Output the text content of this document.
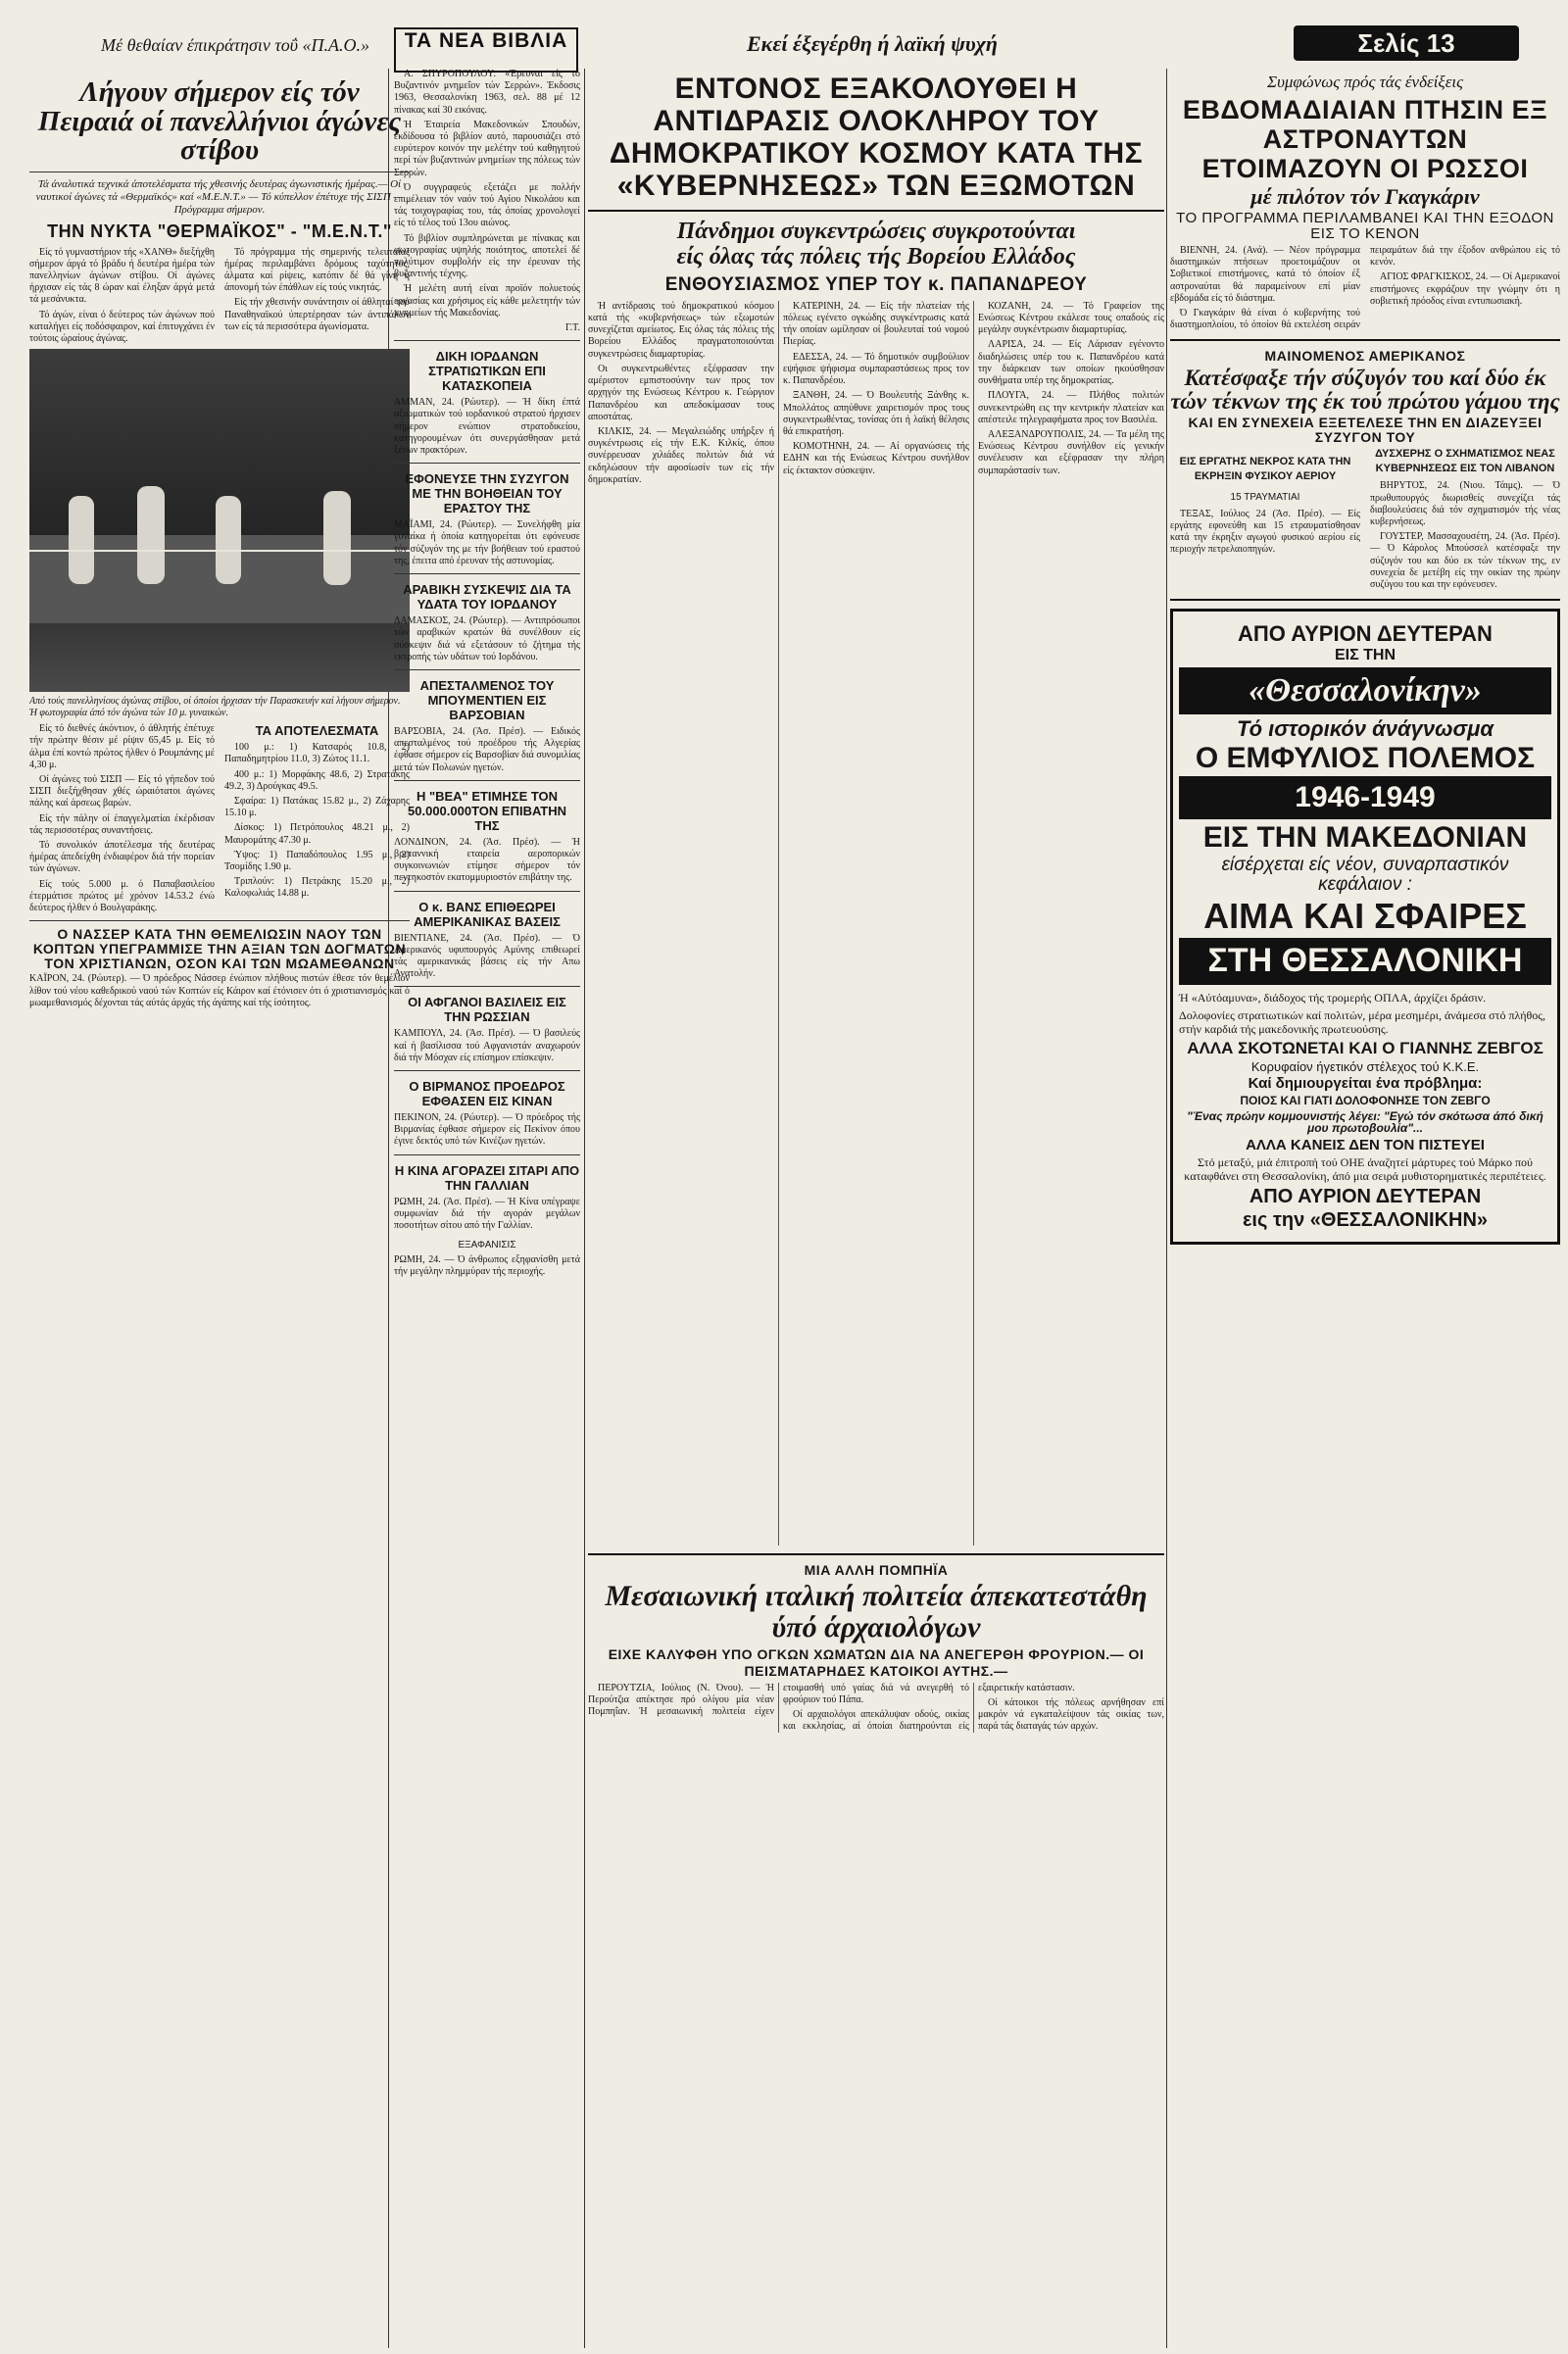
Μέ θεθαίαν έπικράτησιν τοΰ «Π.Α.Ο.»	ΤΑ ΝΕΑ ΒΙΒΛΙΑ	Εκεί έξεγέρθη ή λαϊκή ψυχή	Σελίς 13
Λήγουν σήμερον είς τόν Πειραιά οί πανελλήνιοι άγώνες στίβου
Τά άναλυτικά τεχνικά άποτελέσματα τής χθεσινής δευτέρας άγωνιστικής ήμέρας.— Οί ναυτικοί άγώνες τά «Θερμαϊκός» καί «Μ.Ε.Ν.Τ.» — Τό κύπελλον έπέτυχε τής ΣΙΣΠ — Πρόγραμμα σήμερον.
ΤΗΝ ΝΥΚΤΑ "ΘΕΡΜΑΪΚΟΣ" - "Μ.Ε.Ν.Τ."

Είς τό γυμναστήριον τής «ΧΑΝΘ» διεξήχθη σήμερον άργά τό βράδυ ή δευτέρα ήμέρα τών πανελληνίων άγώνων στίβου. Οί άγώνες ήρχισαν είς τάς 8 ώραν καί έληξαν άργά μετά τά μεσάνυκτα.

Τό άγών, είναι ό δεύτερος τών άγώνων πού καταλήγει είς ποδόσφαιρον, καί έπιτυγχάνει έν τούτοις ώραίους άγώνας.

Τό πρόγραμμα τής σημερινής τελευταίας ήμέρας περιλαμβάνει δρόμους ταχύτητος, άλματα καί ρίψεις, κατόπιν δέ θά γίνη ή άπονομή τών έπάθλων είς τούς νικητάς.

Είς τήν χθεσινήν συνάντησιν οί άθληταί τού Παναθηναϊκού ύπερτέρησαν τών άντιπάλων των είς τά περισσότερα άγωνίσματα.

Από τούς πανελληνίους άγώνας στίβου, οί όποίοι ήρχισαν τήν Παρασκευήν καί λήγουν σήμερον. Ή φωτογραφία άπό τόν άγώνα τών 10 μ. γυναικών.

Είς τό διεθνές άκόντιον, ό άθλητής έπέτυχε τήν πρώτην θέσιν μέ ρίψιν 65,45 μ. Είς τό άλμα έπί κοντώ πρώτος ήλθεν ό Ρουμπάνης μέ 4,30 μ.

Οί άγώνες τού ΣΙΣΠ — Είς τό γήπεδον τού ΣΙΣΠ διεξήχθησαν χθές ώραιότατοι άγώνες πάλης καί άρσεως βαρών.

Είς τήν πάλην οί έπαγγελματίαι έκέρδισαν τάς περισσοτέρας συναντήσεις.

Τό συνολικόν άποτέλεσμα τής δευτέρας ήμέρας άπεδείχθη ένδιαφέρον διά τήν πορείαν τών άγώνων.

Είς τούς 5.000 μ. ό Παπαβασιλείου έτερμάτισε πρώτος μέ χρόνον 14.53.2 ένώ δεύτερος ήλθεν ό Βουλγαράκης.

ΤΑ ΑΠΟΤΕΛΕΣΜΑΤΑ

100 μ.: 1) Κατσαρός 10.8, 2) Παπαδημητρίου 11.0, 3) Ζώτος 11.1.

400 μ.: 1) Μορφάκης 48.6, 2) Στρατάκης 49.2, 3) Δρούγκας 49.5.

Σφαίρα: 1) Πατάκας 15.82 μ., 2) Ζάχαρης 15.10 μ.

Δίσκος: 1) Πετρόπουλος 48.21 μ., 2) Μαυρομάτης 47.30 μ.

Ύψος: 1) Παπαδόπουλος 1.95 μ., 2) Τσομίδης 1.90 μ.

Τριπλούν: 1) Πετράκης 15.20 μ., 2) Καλοφωλιάς 14.88 μ.

Ο ΝΑΣΣΕΡ ΚΑΤΑ ΤΗΝ ΘΕΜΕΛΙΩΣΙΝ ΝΑΟΥ ΤΩΝ ΚΟΠΤΩΝ ΥΠΕΓΡΑΜΜΙΣΕ ΤΗΝ ΑΞΙΑΝ ΤΩΝ ΔΟΓΜΑΤΩΝ ΤΟΝ ΧΡΙΣΤΙΑΝΩΝ, ΟΣΟΝ ΚΑΙ ΤΩΝ ΜΩΑΜΕΘΑΝΩΝ
ΚΑΪΡΟΝ, 24. (Ρώυτερ). — Ό πρόεδρος Νάσσερ ένώπιον πλήθους πιστών έθεσε τόν θεμέλιον λίθον τού νέου καθεδρικού ναού τών Κοπτών είς Κάιρον καί έτόνισεν ότι ό χριστιανισμός καί ό μωαμεθανισμός δέχονται τάς αύτάς άρχάς τής άγάπης καί τής ίσότητος.

Α. ΣΠΥΡΟΠΟΥΛΟΥ: «Έρευναι είς τό Βυζαντινόν μνημεΐον τών Σερρών». Έκδοσις 1963, Θεσσαλονίκη 1963, σελ. 88 μέ 12 πίνακας καί 30 εικόνας.

Ή Έταιρεία Μακεδονικών Σπουδών, εκδίδουσα τό βιβλίον αυτό, παρουσιάζει στό ευρύτερον κοινόν την μελέτην τού καθηγητού περί τών βυζαντινών μνημείων της πόλεως τών Σερρών.

Ό συγγραφεύς εξετάζει με πολλήν επιμέλειαν τόν ναόν τού Αγίου Νικολάου και τάς τοιχογραφίας του, τάς όποίας χρονολογεί είς τό τέλος τού 13ου αιώνος.

Τό βιβλίον συμπληρώνεται με πίνακας και φωτογραφίας υψηλής ποιότητος, αποτελεί δέ πολύτιμον συμβολήν είς την έρευναν τής βυζαντινής τέχνης.

Ή μελέτη αυτή είναι προϊόν πολυετούς εργασίας και χρήσιμος είς κάθε μελετητήν τών μνημείων τής Μακεδονίας.

Γ.Τ.
ΔΙΚΗ ΙΟΡΔΑΝΩΝ ΣΤΡΑΤΙΩΤΙΚΩΝ ΕΠΙ ΚΑΤΑΣΚΟΠΕΙΑ
ΑΜΜΑΝ, 24. (Ρώυτερ). — Ή δίκη έπτά αξιωματικών τού ιορδανικού στρατού ήρχισεν σήμερον ενώπιον στρατοδικείου, κατηγορουμένων ότι συνεργάσθησαν μετά ξένων πρακτόρων.
ΕΦΟΝΕΥΣΕ ΤΗΝ ΣΥΖΥΓΟΝ ΜΕ ΤΗΝ ΒΟΗΘΕΙΑΝ ΤΟΥ ΕΡΑΣΤΟΥ ΤΗΣ
ΜΑΪΑΜΙ, 24. (Ρώυτερ). — Συνελήφθη μία γυναίκα ή όποία κατηγορείται ότι εφόνευσε τόν σύζυγόν της με τήν βοήθειαν τού εραστού της, έπειτα από έρευναν τής αστυνομίας.
ΑΡΑΒΙΚΗ ΣΥΣΚΕΨΙΣ ΔΙΑ ΤΑ ΥΔΑΤΑ ΤΟΥ ΙΟΡΔΑΝΟΥ
ΔΑΜΑΣΚΟΣ, 24. (Ρώυτερ). — Αντιπρόσωποι τών αραβικών κρατών θά συνέλθουν είς σύσκεψιν διά νά εξετάσουν τό ζήτημα τής εκτροπής τών υδάτων τού Ιορδάνου.
ΑΠΕΣΤΑΛΜΕΝΟΣ ΤΟΥ ΜΠΟΥΜΕΝΤΙΕΝ ΕΙΣ ΒΑΡΣΟΒΙΑΝ
ΒΑΡΣΟΒΙΑ, 24. (Άσ. Πρέσ). — Ειδικός απεσταλμένος τού προέδρου τής Αλγερίας έφθασε σήμερον είς Βαρσοβίαν διά συνομιλίας μετά τών Πολωνών ηγετών.
Η "ΒΕΑ" ΕΤΙΜΗΣΕ ΤΟΝ 50.000.000ΤΟΝ ΕΠΙΒΑΤΗΝ ΤΗΣ
ΛΟΝΔΙΝΟΝ, 24. (Άσ. Πρέσ). — Ή βρεταννική εταιρεία αεροπορικών συγκοινωνιών ετίμησε σήμερον τόν πεντηκοστόν εκατομμυριοστόν επιβάτην της.
Ο κ. ΒΑΝΣ ΕΠΙΘΕΩΡΕΙ ΑΜΕΡΙΚΑΝΙΚΑΣ ΒΑΣΕΙΣ
ΒΙΕΝΤΙΑΝΕ, 24. (Άσ. Πρέσ). — Ό Αμερικανός υφυπουργός Αμύνης επιθεωρεί τάς αμερικανικάς βάσεις είς τήν Απω Ανατολήν.
ΟΙ ΑΦΓΑΝΟΙ ΒΑΣΙΛΕΙΣ ΕΙΣ ΤΗΝ ΡΩΣΣΙΑΝ
ΚΑΜΠΟΥΛ, 24. (Άσ. Πρέσ). — Ό βασιλεύς καί ή βασίλισσα τού Αφγανιστάν αναχωρούν διά τήν Μόσχαν είς επίσημον επίσκεψιν.
Ο ΒΙΡΜΑΝΟΣ ΠΡΟΕΔΡΟΣ ΕΦΘΑΣΕΝ ΕΙΣ ΚΙΝΑΝ
ΠΕΚΙΝΟΝ, 24. (Ρώυτερ). — Ό πρόεδρος τής Βιρμανίας έφθασε σήμερον είς Πεκίνον όπου έγινε δεκτός υπό τών Κινέζων ηγετών.
Η ΚΙΝΑ ΑΓΟΡΑΖΕΙ ΣΙΤΑΡΙ ΑΠΟ ΤΗΝ ΓΑΛΛΙΑΝ
ΡΩΜΗ, 24. (Άσ. Πρέσ). — Ή Κίνα υπέγραψε συμφωνίαν διά τήν αγοράν μεγάλων ποσοτήτων σίτου από τήν Γαλλίαν.
ΕΞΑΦΑΝΙΣΙΣ
ΡΩΜΗ, 24. — Ό άνθρωπος εξηφανίσθη μετά τήν μεγάλην πλημμύραν τής περιοχής.
ΕΝΤΟΝΟΣ ΕΞΑΚΟΛΟΥΘΕΙ Η ΑΝΤΙΔΡΑΣΙΣ ΟΛΟΚΛΗΡΟΥ ΤΟΥ ΔΗΜΟΚΡΑΤΙΚΟΥ ΚΟΣΜΟΥ ΚΑΤΑ ΤΗΣ «ΚΥΒΕΡΝΗΣΕΩΣ» ΤΩΝ ΕΞΩΜΟΤΩΝ
Πάνδημοι συγκεντρώσεις συγκροτούνται
είς όλας τάς πόλεις τής Βορείου Ελλάδος
ΕΝΘΟΥΣΙΑΣΜΟΣ ΥΠΕΡ ΤΟΥ κ. ΠΑΠΑΝΔΡΕΟΥ

Ή αντίδρασις τού δημοκρατικού κόσμου κατά τής «κυβερνήσεως» τών εξωμοτών συνεχίζεται αμείωτος. Εις όλας τάς πόλεις τής Βορείου Ελλάδος πραγματοποιούνται συγκεντρώσεις διαμαρτυρίας.

Οι συγκεντρωθέντες εξέφρασαν την αμέριστον εμπιστοσύνην των προς τον αρχηγόν της Ενώσεως Κέντρου κ. Γεώργιον Παπανδρέου και απεδοκίμασαν τους αποστάτας.

ΚΙΛΚΙΣ, 24. — Μεγαλειώδης υπήρξεν ή συγκέντρωσις είς τήν Ε.Κ. Κιλκίς, όπου συνέρρευσαν χιλιάδες πολιτών διά νά εκδηλώσουν τήν αφοσίωσίν των είς τήν δημοκρατίαν.

ΚΑΤΕΡΙΝΗ, 24. — Είς τήν πλατείαν τής πόλεως εγένετο ογκώδης συγκέντρωσις κατά τήν οποίαν ωμίλησαν οί βουλευταί τού νομού Πιερίας.

ΕΔΕΣΣΑ, 24. — Τό δημοτικόν συμβούλιον εψήφισε ψήφισμα συμπαραστάσεως προς τον κ. Παπανδρέου.

ΞΑΝΘΗ, 24. — Ό Βουλευτής Ξάνθης κ. Μπολλάτος απηύθυνε χαιρετισμόν προς τους συγκεντρωθέντας, τονίσας ότι ή λαϊκή θέλησις θά επικρατήση.

ΚΟΜΟΤΗΝΗ, 24. — Αί οργανώσεις τής ΕΔΗΝ και τής Ενώσεως Κέντρου συνήλθον είς έκτακτον σύσκεψιν.

ΚΟΖΑΝΗ, 24. — Τό Γραφείον της Ενώσεως Κέντρου εκάλεσε τους οπαδούς είς μεγάλην συγκέντρωσιν διαμαρτυρίας.

ΛΑΡΙΣΑ, 24. — Είς Λάρισαν εγένοντο διαδηλώσεις υπέρ του κ. Παπανδρέου κατά την διάρκειαν των οποίων ηκούσθησαν συνθήματα υπέρ της δημοκρατίας.

ΠΛΟΥΓΑ, 24. — Πλήθος πολιτών συνεκεντρώθη εις την κεντρικήν πλατείαν και απέστειλε τηλεγραφήματα προς τον Βασιλέα.

ΑΛΕΞΑΝΔΡΟΥΠΟΛΙΣ, 24. — Τα μέλη της Ενώσεως Κέντρου συνήλθον είς γενικήν συνέλευσιν και εξέφρασαν την πλήρη συμπαράστασίν των.

ΜΙΑ ΑΛΛΗ ΠΟΜΠΗΪΑ
Μεσαιωνική ιταλική πολιτεία άπεκατεστάθη ύπό άρχαιολόγων
ΕΙΧΕ ΚΑΛΥΦΘΗ ΥΠΟ ΟΓΚΩΝ ΧΩΜΑΤΩΝ ΔΙΑ ΝΑ ΑΝΕΓΕΡΘΗ ΦΡΟΥΡΙΟΝ.— ΟΙ ΠΕΙΣΜΑΤΑΡΗΔΕΣ ΚΑΤΟΙΚΟΙ ΑΥΤΗΣ.—

ΠΕΡΟΥΤΖΙΑ, Ιούλιος (Ν. Όνου). — Ή Περούτζια απέκτησε πρό ολίγου μία νέαν Πομπηΐαν. Ή μεσαιωνική πολιτεία είχεν ετοιμασθή υπό γαίας διά νά ανεγερθή τό φρούριον τού Πάπα.

Οί αρχαιολόγοι απεκάλυψαν οδούς, οικίας και εκκλησίας, αί όποίαι διατηρούνται είς εξαιρετικήν κατάστασιν.

Οί κάτοικοι τής πόλεως αρνήθησαν επί μακρόν νά εγκαταλείψουν τάς οικίας των, παρά τάς διαταγάς τών αρχών.

Συμφώνως πρός τάς ένδείξεις
ΕΒΔΟΜΑΔΙΑΙΑΝ ΠΤΗΣΙΝ ΕΞ ΑΣΤΡΟΝΑΥΤΩΝ ΕΤΟΙΜΑΖΟΥΝ ΟΙ ΡΩΣΣΟΙ
μέ πιλότον τόν Γκαγκάριν
ΤΟ ΠΡΟΓΡΑΜΜΑ ΠΕΡΙΛΑΜΒΑΝΕΙ ΚΑΙ ΤΗΝ ΕΞΟΔΟΝ ΕΙΣ ΤΟ ΚΕΝΟΝ

ΒΙΕΝΝΗ, 24. (Ανά). — Νέον πρόγραμμα διαστημικών πτήσεων προετοιμάζουν οι Σοβιετικοί επιστήμονες, κατά τό όποίον έξ αστροναύται θά παραμείνουν επί μίαν εβδομάδα είς τό διάστημα.

Ό Γκαγκάριν θά είναι ό κυβερνήτης τού διαστημοπλοίου, τό όποίον θά εκτελέση σειράν πειραμάτων διά την έξοδον ανθρώπου είς τό κενόν.

ΑΓΙΟΣ ΦΡΑΓΚΙΣΚΟΣ, 24. — Οί Αμερικανοί επιστήμονες εκφράζουν την γνώμην ότι η σοβιετική πρόοδος είναι εντυπωσιακή.

ΜΑΙΝΟΜΕΝΟΣ ΑΜΕΡΙΚΑΝΟΣ
Κατέσφαξε τήν σύζυγόν του καί δύο έκ τών τέκνων της έκ τού πρώτου γάμου της
ΚΑΙ ΕΝ ΣΥΝΕΧΕΙΑ ΕΞΕΤΕΛΕΣΕ ΤΗΝ ΕΝ ΔΙΑΖΕΥΞΕΙ ΣΥΖΥΓΟΝ ΤΟΥ
ΕΙΣ ΕΡΓΑΤΗΣ ΝΕΚΡΟΣ ΚΑΤΑ ΤΗΝ ΕΚΡΗΞΙΝ ΦΥΣΙΚΟΥ ΑΕΡΙΟΥ
15 ΤΡΑΥΜΑΤΙΑΙ

ΤΕΞΑΣ, Ιούλιος 24 (Άσ. Πρέσ). — Είς εργάτης εφονεύθη και 15 ετραυματίσθησαν κατά την έκρηξιν αγωγού φυσικού αερίου είς περιοχήν πετρελαιοπηγών.

ΔΥΣΧΕΡΗΣ Ο ΣΧΗΜΑΤΙΣΜΟΣ ΝΕΑΣ ΚΥΒΕΡΝΗΣΕΩΣ ΕΙΣ ΤΟΝ ΛΙΒΑΝΟΝ

ΒΗΡΥΤΟΣ, 24. (Νιου. Τάιμς). — Ό πρωθυπουργός διωρισθείς συνεχίζει τάς διαβουλεύσεις διά τόν σχηματισμόν τής νέας κυβερνήσεως.

ΓΟΥΣΤΕΡ, Μασσαχουσέτη, 24. (Άσ. Πρέσ). — Ό Κάρολος Μπούσσελ κατέσφαξε την σύζυγόν του και δύο εκ τών τέκνων της, εν συνεχεία δε μετέβη είς την οικίαν της πρώην συζύγου του και την εφόνευσεν.

ΑΠΟ ΑΥΡΙΟΝ ΔΕΥΤΕΡΑΝ
ΕΙΣ ΤΗΝ
«Θεσσαλονίκην»
Τό ιστορικόν άνάγνωσμα
Ο ΕΜΦΥΛΙΟΣ ΠΟΛΕΜΟΣ
1946-1949
ΕΙΣ ΤΗΝ ΜΑΚΕΔΟΝΙΑΝ
είσέρχεται είς νέον, συναρπαστικόν κεφάλαιον :
ΑΙΜΑ ΚΑΙ ΣΦΑΙΡΕΣ
ΣΤΗ ΘΕΣΣΑΛΟΝΙΚΗ
Ή «Αύτόαμυνα», διάδοχος τής τρομερής ΟΠΛΑ, άρχίζει δράσιν.
Δολοφονίες στρατιωτικών καί πολιτών, μέρα μεσημέρι, άνάμεσα στό πλήθος, στήν καρδιά τής μακεδονικής πρωτευούσης.
ΑΛΛΑ ΣΚΟΤΩΝΕΤΑΙ ΚΑΙ Ο ΓΙΑΝΝΗΣ ΖΕΒΓΟΣ
Κορυφαίον ήγετικόν στέλεχος τού Κ.Κ.Ε.
Καί δημιουργείται ένα πρόβλημα:
ΠΟΙΟΣ ΚΑΙ ΓΙΑΤΙ ΔΟΛΟΦΟΝΗΣΕ ΤΟΝ ΖΕΒΓΟ
"Ένας πρώην κομμουνιστής λέγει: "Εγώ τόν σκότωσα άπό δική μου πρωτοβουλία"...
ΑΛΛΑ ΚΑΝΕΙΣ ΔΕΝ ΤΟΝ ΠΙΣΤΕΥΕΙ
Στό μεταξύ, μιά έπιτροπή τού ΟΗΕ άναζητεί μάρτυρες τού Μάρκο πού καταφθάνει στη Θεσσαλονίκη, άπό μια σειρά μυθιστορηματικές περιπέτειες.
ΑΠΟ ΑΥΡΙΟΝ ΔΕΥΤΕΡΑΝ
εις την «ΘΕΣΣΑΛΟΝΙΚΗΝ»
